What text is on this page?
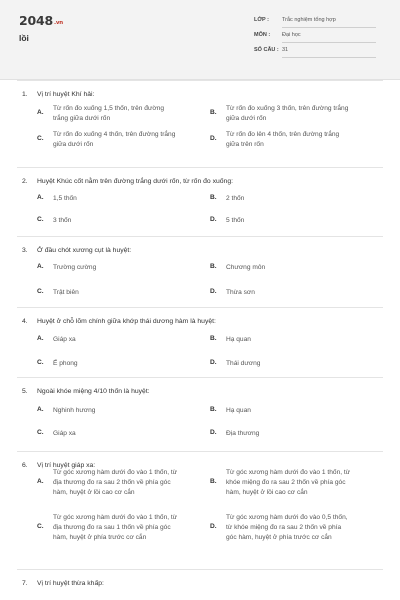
2048.vn
lồi
LỚP : Trắc nghiệm tổng hợp
MÔN : Đại học
SỐ CÂU : 31
1. Vị trí huyệt Khí hải:
A.
Từ rốn đo xuống 1,5 thốn, trên đường
trắng giữa dưới rốn
B.
Từ rốn đo xuống 3 thốn, trên đường trắng
giữa dưới rốn
C.
Từ rốn đo xuống 4 thốn, trên đường trắng
giữa dưới rốn
D.
Từ rốn đo lên 4 thốn, trên đường trắng
giữa trên rốn
2. Huyệt Khúc cốt nằm trên đường trắng dưới rốn, từ rốn đo xuống:
A. 1,5 thốn	B. 2 thốn
C. 3 thốn	D. 5 thốn
3. Ở đầu chót xương cụt là huyệt:
A. Trường cường	B. Chương môn
C. Trật biên	D. Thừa sơn
4. Huyệt ở chỗ lõm chính giữa khớp thái dương hàm là huyệt:
A. Giáp xa	B. Hạ quan
C. Ế phong	D. Thái dương
5. Ngoài khóe miệng 4/10 thốn là huyệt:
A. Nghinh hương	B. Hạ quan
C. Giáp xa	D. Địa thương
6. Vị trí huyệt giáp xa:
A.
Từ góc xương hàm dưới đo vào 1 thốn, từ
địa thương đo ra sau 2 thốn về phía góc
hàm, huyệt ở lồi cao cơ cắn
B.
Từ góc xương hàm dưới đo vào 1 thốn, từ
khóe miệng đo ra sau 2 thốn về phía góc
hàm, huyệt ở lồi cao cơ cắn
C.
Từ góc xương hàm dưới đo vào 1 thốn, từ
địa thương đo ra sau 1 thốn về phía góc
hàm, huyệt ở phía trước cơ cắn
D.
Từ góc xương hàm dưới đo vào 0,5 thốn,
từ khóe miệng đo ra sau 2 thốn về phía
góc hàm, huyệt ở phía trước cơ cắn
7. Vị trí huyệt thừa khấp:
